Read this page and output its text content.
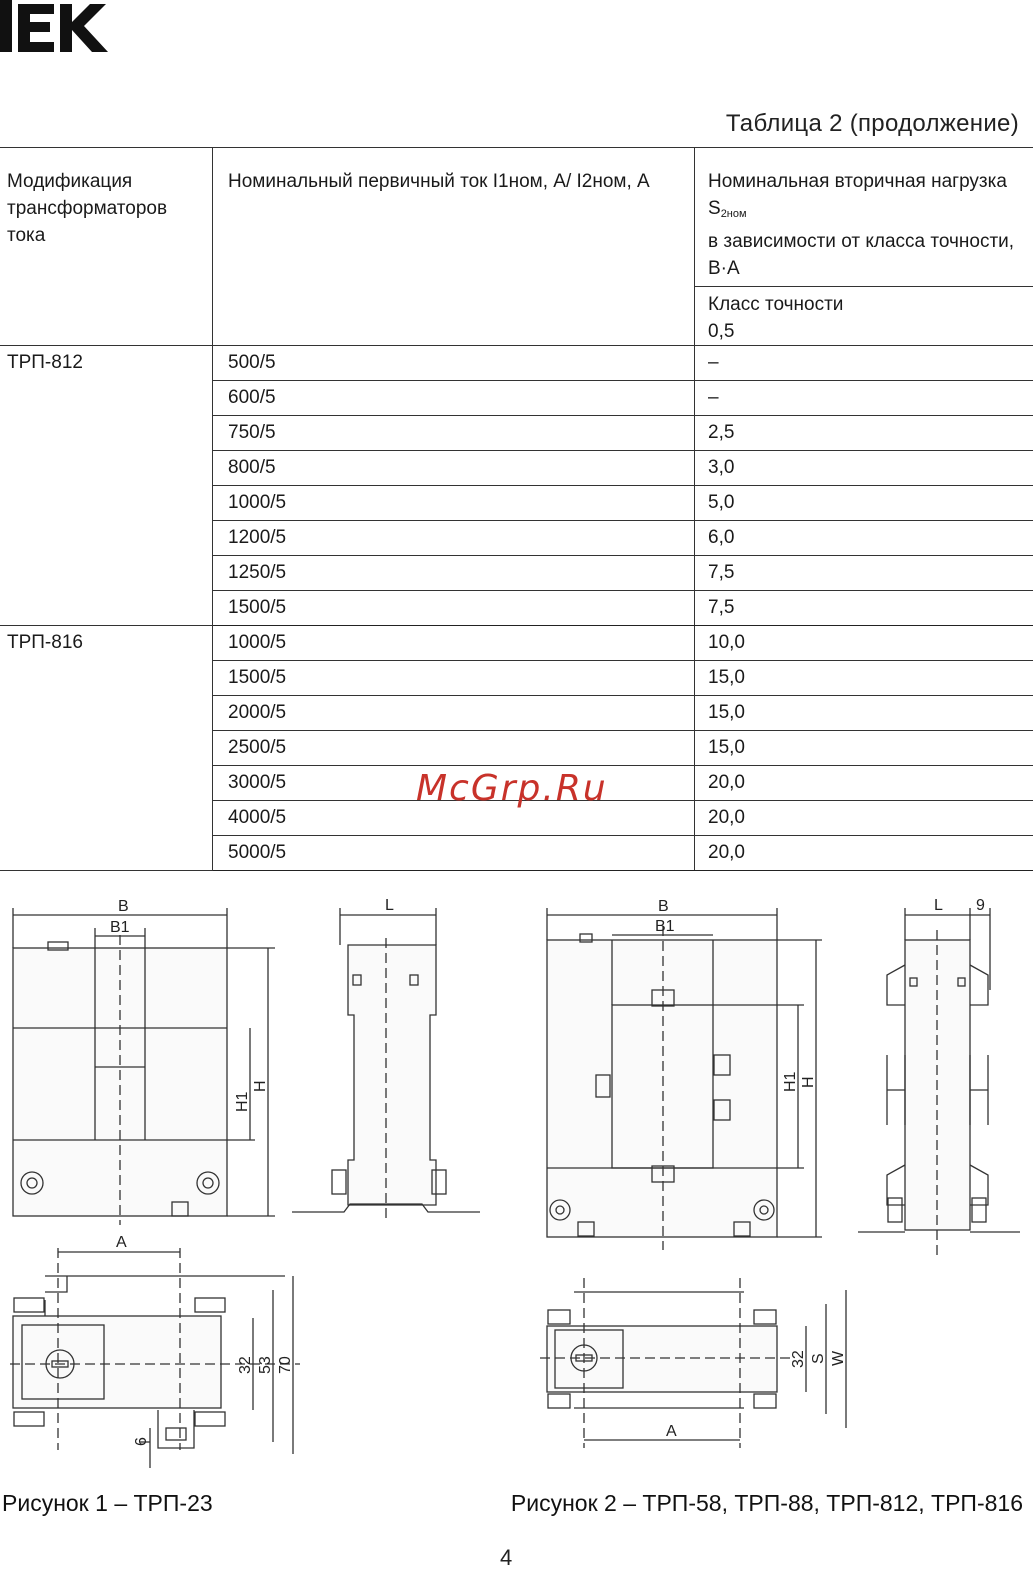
Таблица 2 (продолжение)
Модификация трансформаторов тока	Номинальный первичный ток I1ном, А/ I2ном, А	Номинальная вторичная нагрузка $S_{2ном}$
в зависимости от класса точности, В·А
Класс точности
0,5

ТРП-812	500/5	–
	600/5	–
	750/5	2,5
	800/5	3,0
	1000/5	5,0
	1200/5	6,0
	1250/5	7,5
	1500/5	7,5
ТРП-816	1000/5	10,0
	1500/5	15,0
	2000/5	15,0
	2500/5	15,0
	3000/5	20,0
	4000/5	20,0
	5000/5	20,0
McGrp.Ru
B
B1
H1
H
L
A
32 53 70
6
B
B1
H1 H
L 9
A
32 S W
Рисунок 1 – ТРП-23	Рисунок 2 – ТРП-58, ТРП-88, ТРП-812, ТРП-816
4
